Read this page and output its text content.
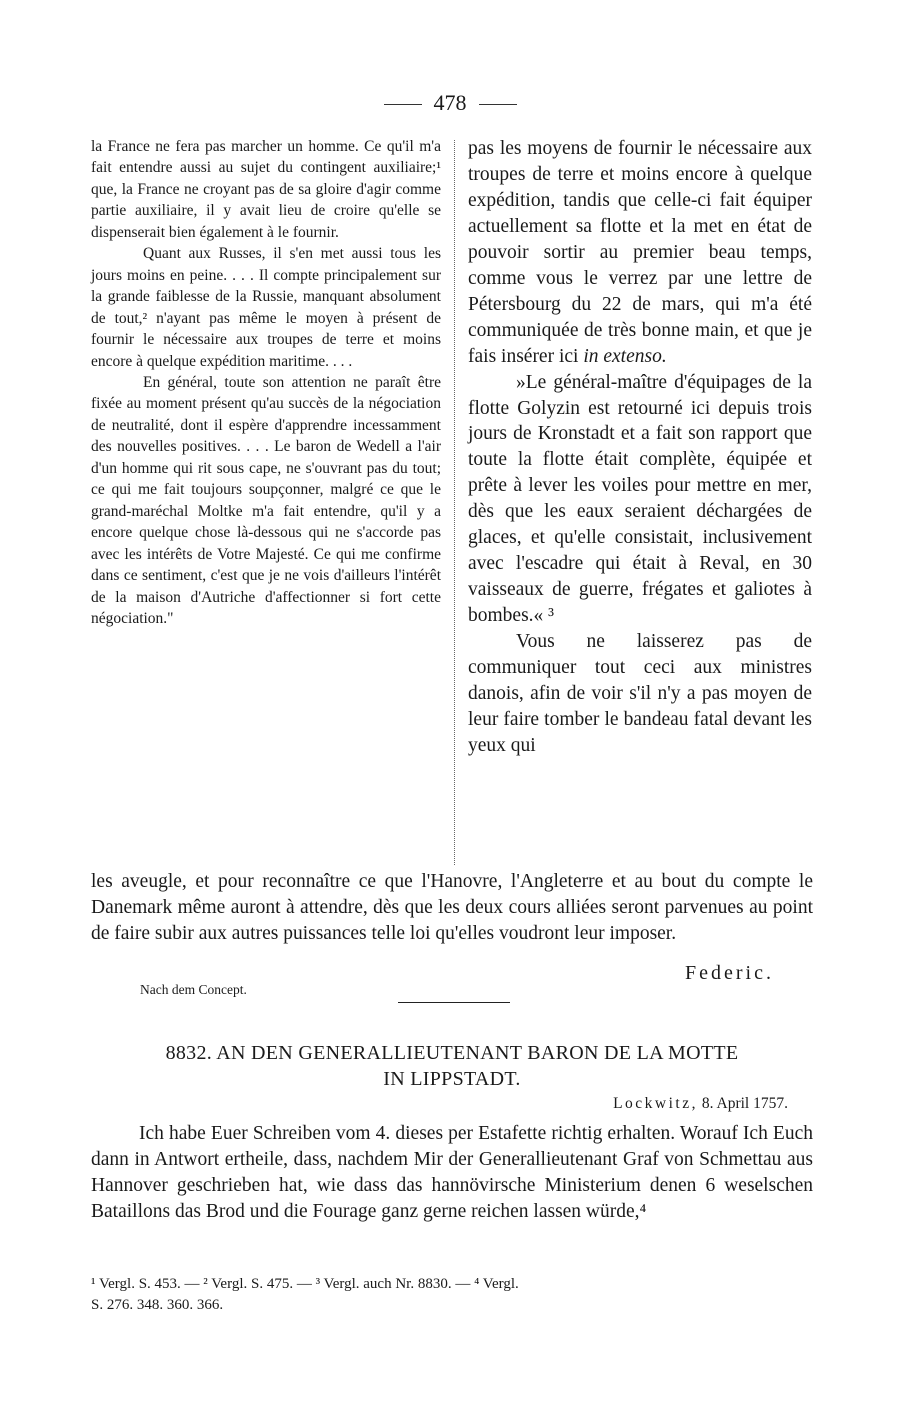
478

la France ne fera pas marcher un homme. Ce qu'il m'a fait entendre aussi au sujet du contingent auxiliaire;¹ que, la France ne croyant pas de sa gloire d'agir comme partie auxiliaire, il y avait lieu de croire qu'elle se dispenserait bien également à le fournir.

Quant aux Russes, il s'en met aussi tous les jours moins en peine. . . . Il compte principalement sur la grande faiblesse de la Russie, manquant absolument de tout,² n'ayant pas même le moyen à présent de fournir le nécessaire aux troupes de terre et moins encore à quelque expédition maritime. . . .

En général, toute son attention ne paraît être fixée au moment présent qu'au succès de la négociation de neutralité, dont il espère d'apprendre incessamment des nouvelles positives. . . . Le baron de Wedell a l'air d'un homme qui rit sous cape, ne s'ouvrant pas du tout; ce qui me fait toujours soupçonner, malgré ce que le grand-maréchal Moltke m'a fait entendre, qu'il y a encore quelque chose là-dessous qui ne s'accorde pas avec les intérêts de Votre Majesté. Ce qui me confirme dans ce sentiment, c'est que je ne vois d'ailleurs l'intérêt de la maison d'Autriche d'affectionner si fort cette négociation."

pas les moyens de fournir le nécessaire aux troupes de terre et moins encore à quelque expédition, tandis que celle-ci fait équiper actuellement sa flotte et la met en état de pouvoir sortir au premier beau temps, comme vous le verrez par une lettre de Pétersbourg du 22 de mars, qui m'a été communiquée de très bonne main, et que je fais insérer ici in extenso.

»Le général-maître d'équipages de la flotte Golyzin est retourné ici depuis trois jours de Kronstadt et a fait son rapport que toute la flotte était complète, équipée et prête à lever les voiles pour mettre en mer, dès que les eaux seraient déchargées de glaces, et qu'elle consistait, inclusivement avec l'escadre qui était à Reval, en 30 vaisseaux de guerre, frégates et galiotes à bombes.« ³

Vous ne laisserez pas de communiquer tout ceci aux ministres danois, afin de voir s'il n'y a pas moyen de leur faire tomber le bandeau fatal devant les yeux qui

les aveugle, et pour reconnaître ce que l'Hanovre, l'Angleterre et au bout du compte le Danemark même auront à attendre, dès que les deux cours alliées seront parvenues au point de faire subir aux autres puissances telle loi qu'elles voudront leur imposer.
Federic.
Nach dem Concept.
8832. AN DEN GENERALLIEUTENANT BARON DE LA MOTTE
IN LIPPSTADT.
Lockwitz, 8. April 1757.
Ich habe Euer Schreiben vom 4. dieses per Estafette richtig erhalten. Worauf Ich Euch dann in Antwort ertheile, dass, nachdem Mir der Generallieutenant Graf von Schmettau aus Hannover geschrieben hat, wie dass das hannövirsche Ministerium denen 6 weselschen Bataillons das Brod und die Fourage ganz gerne reichen lassen würde,⁴
¹ Vergl. S. 453. — ² Vergl. S. 475. — ³ Vergl. auch Nr. 8830. — ⁴ Vergl.
S. 276. 348. 360. 366.
